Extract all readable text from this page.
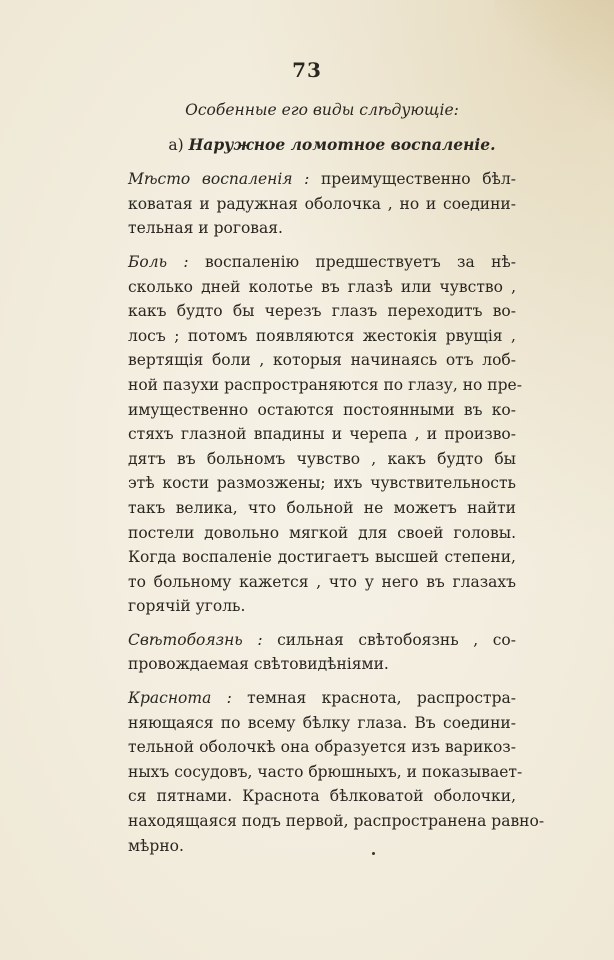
73
Особенные его виды слѣдующіе:
а) Наружное ломотное воспаленіе.
Мѣсто воспаленія : преимущественно бѣл-
коватая и радужная оболочка , но и соедини-
тельная и роговая.
Боль : воспаленію предшествуетъ за нѣ-
сколько дней колотье въ глазѣ или чувство ,
какъ будто бы черезъ глазъ переходитъ во-
лосъ ; потомъ появляются жестокія рвущія ,
вертящія боли , которыя начинаясь отъ лоб-
ной пазухи распространяются по глазу, но пре-
имущественно остаются постоянными въ ко-
стяхъ глазной впадины и черепа , и произво-
дятъ въ больномъ чувство , какъ будто бы
этѣ кости размозжены; ихъ чувствительность
такъ велика, что больной не можетъ найти
постели довольно мягкой для своей головы.
Когда воспаленіе достигаетъ высшей степени,
то больному кажется , что у него въ глазахъ
горячій уголь.
Свѣтобоязнь : сильная свѣтобоязнь , со-
провождаемая свѣтовидѣніями.
Краснота : темная краснота, распростра-
няющаяся по всему бѣлку глаза. Въ соедини-
тельной оболочкѣ она образуется изъ варикоз-
ныхъ сосудовъ, часто брюшныхъ, и показывает-
ся пятнами. Краснота бѣлковатой оболочки,
находящаяся подъ первой, распространена равно-
мѣрно.
